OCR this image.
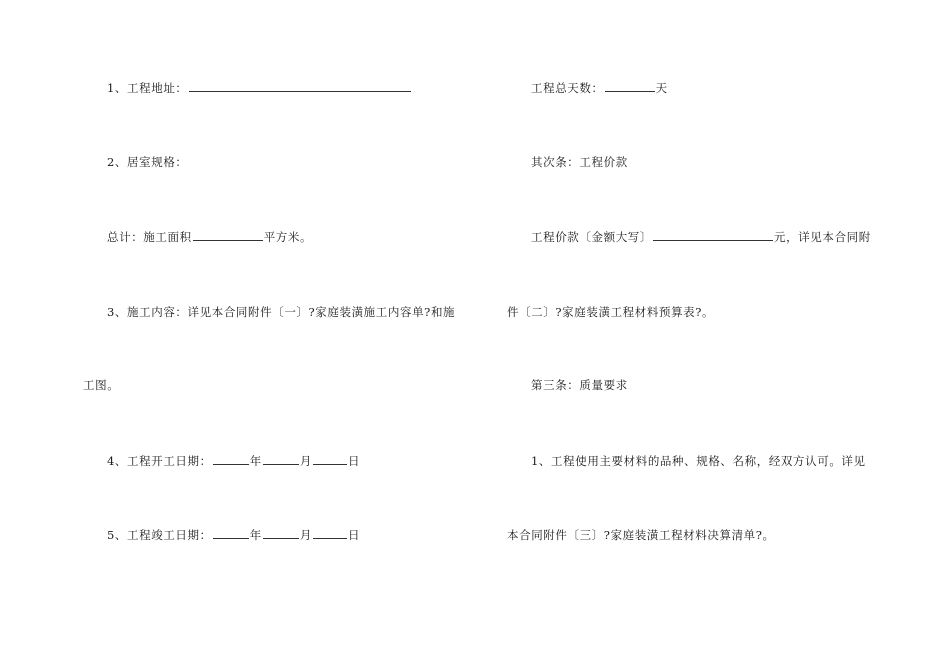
1、工程地址：
2、居室规格：
总计：施工面积	平方米。
3、施工内容：详见本合同附件〔一〕?家庭装潢施工内容单?和施
工图。
4、工程开工日期：	年	月	日
5、工程竣工日期：	年	月	日
工程总天数：	天
其次条：工程价款
工程价款〔金额大写〕	元，详见本合同附
件〔二〕?家庭装潢工程材料预算表?。
第三条：质量要求
1、工程使用主要材料的品种、规格、名称，经双方认可。详见
本合同附件〔三〕?家庭装潢工程材料决算清单?。
